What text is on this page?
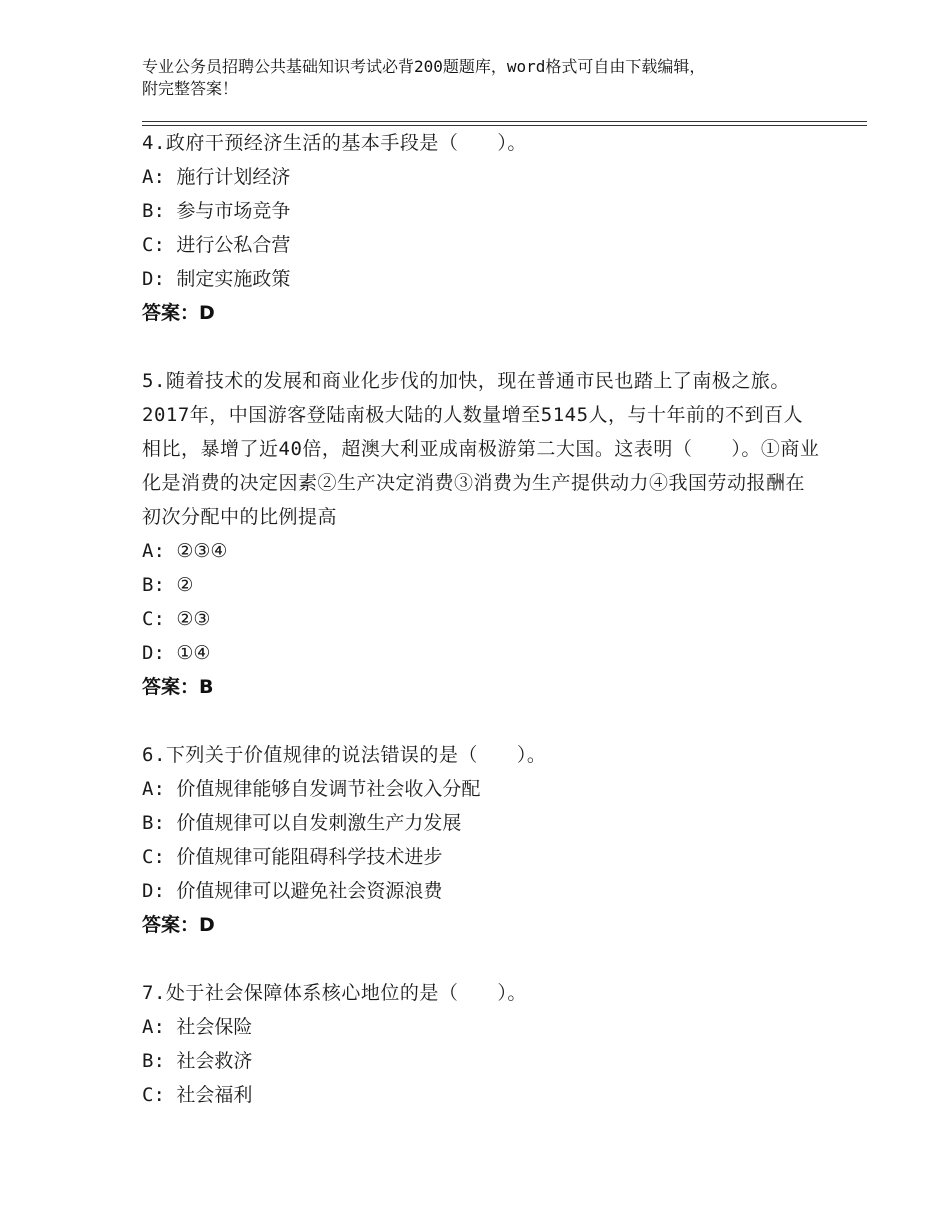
专业公务员招聘公共基础知识考试必背200题题库，word格式可自由下载编辑，
附完整答案！
4.政府干预经济生活的基本手段是（　　）。
A: 施行计划经济
B: 参与市场竞争
C: 进行公私合营
D: 制定实施政策
答案：D
5.随着技术的发展和商业化步伐的加快，现在普通市民也踏上了南极之旅。2017年，中国游客登陆南极大陆的人数量增至5145人，与十年前的不到百人相比，暴增了近40倍，超澳大利亚成南极游第二大国。这表明（　　）。①商业化是消费的决定因素②生产决定消费③消费为生产提供动力④我国劳动报酬在初次分配中的比例提高
A: ②③④
B: ②
C: ②③
D: ①④
答案：B
6.下列关于价值规律的说法错误的是（　　）。
A: 价值规律能够自发调节社会收入分配
B: 价值规律可以自发刺激生产力发展
C: 价值规律可能阻碍科学技术进步
D: 价值规律可以避免社会资源浪费
答案：D
7.处于社会保障体系核心地位的是（　　）。
A: 社会保险
B: 社会救济
C: 社会福利
